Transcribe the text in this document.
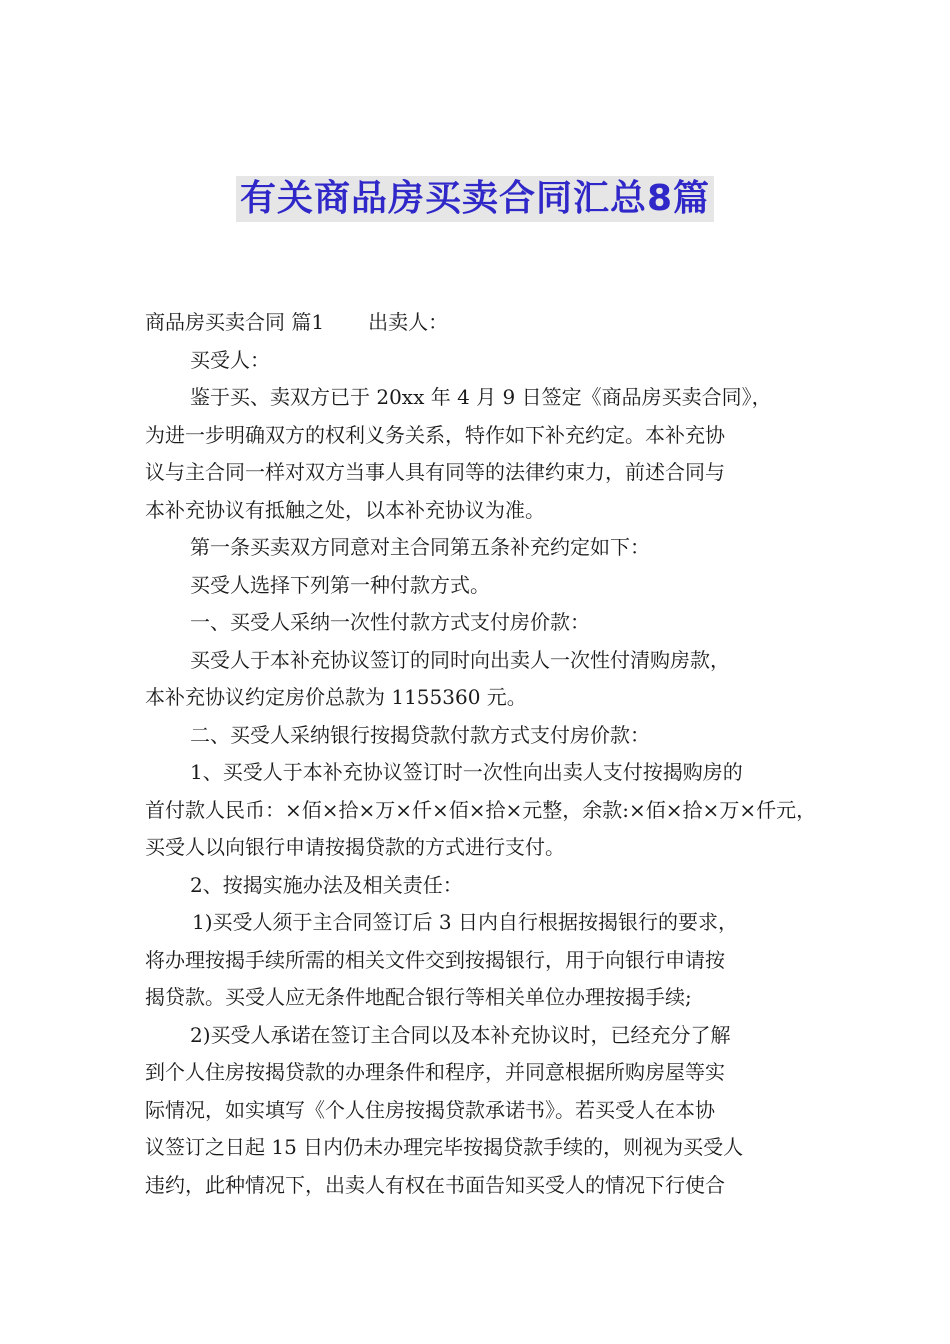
有关商品房买卖合同汇总8篇
商品房买卖合同 篇1 出卖人：
买受人：
鉴于买、卖双方已于 20xx 年 4 月 9 日签定《商品房买卖合同》，
为进一步明确双方的权利义务关系，特作如下补充约定。本补充协
议与主合同一样对双方当事人具有同等的法律约束力，前述合同与
本补充协议有抵触之处，以本补充协议为准。
第一条买卖双方同意对主合同第五条补充约定如下：
买受人选择下列第一种付款方式。
一、买受人采纳一次性付款方式支付房价款：
买受人于本补充协议签订的同时向出卖人一次性付清购房款，
本补充协议约定房价总款为 1155360 元。
二、买受人采纳银行按揭贷款付款方式支付房价款：
1、买受人于本补充协议签订时一次性向出卖人支付按揭购房的
首付款人民币：×佰×拾×万×仟×佰×拾×元整，余款:×佰×拾×万×仟元，
买受人以向银行申请按揭贷款的方式进行支付。
2、按揭实施办法及相关责任：
1)买受人须于主合同签订后 3 日内自行根据按揭银行的要求，
将办理按揭手续所需的相关文件交到按揭银行，用于向银行申请按
揭贷款。买受人应无条件地配合银行等相关单位办理按揭手续;
2)买受人承诺在签订主合同以及本补充协议时，已经充分了解
到个人住房按揭贷款的办理条件和程序，并同意根据所购房屋等实
际情况，如实填写《个人住房按揭贷款承诺书》。若买受人在本协
议签订之日起 15 日内仍未办理完毕按揭贷款手续的，则视为买受人
违约，此种情况下，出卖人有权在书面告知买受人的情况下行使合
